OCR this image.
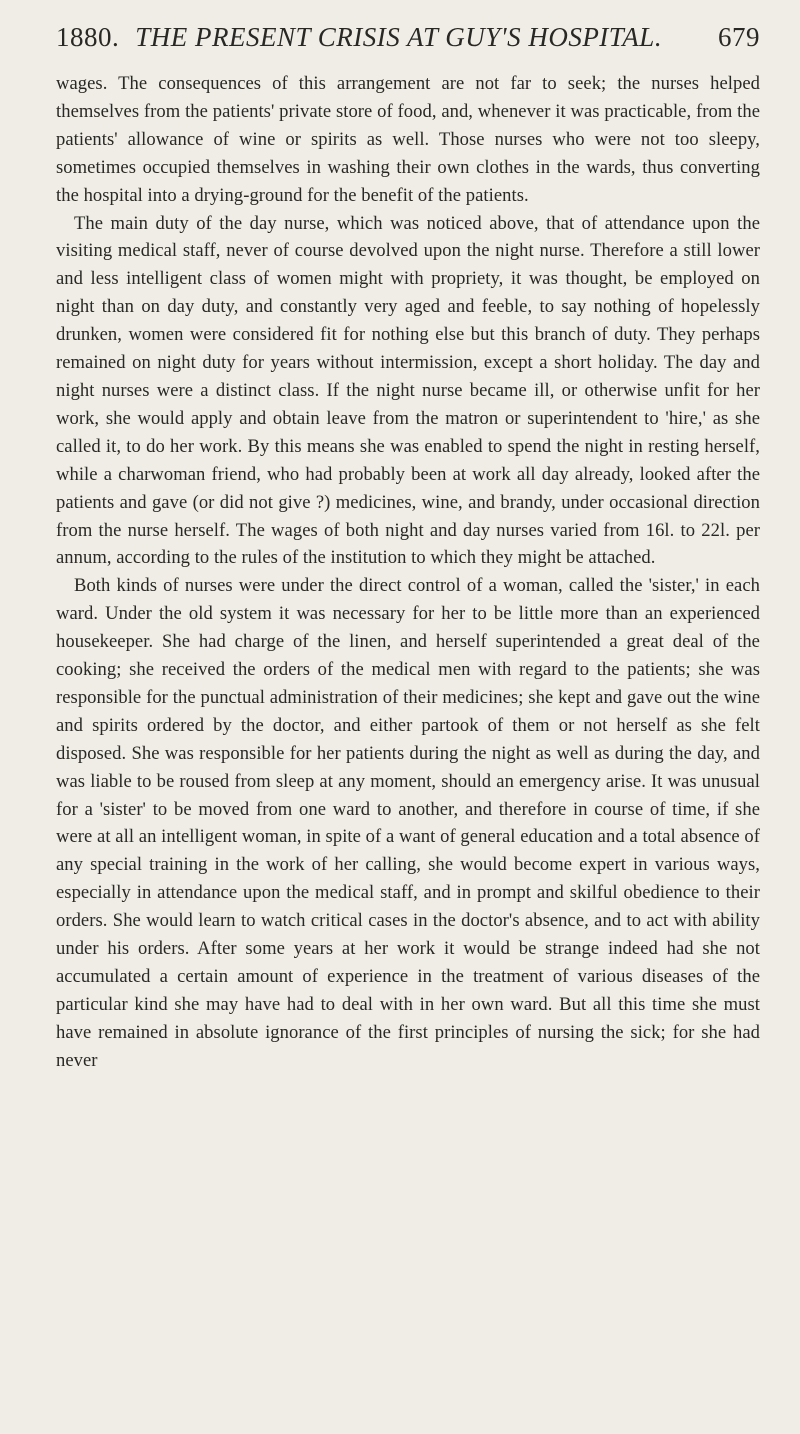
1880. THE PRESENT CRISIS AT GUY'S HOSPITAL.	679

wages. The consequences of this arrangement are not far to seek; the nurses helped themselves from the patients' private store of food, and, whenever it was practicable, from the patients' allowance of wine or spirits as well. Those nurses who were not too sleepy, sometimes occupied themselves in washing their own clothes in the wards, thus converting the hospital into a drying-ground for the benefit of the patients.

The main duty of the day nurse, which was noticed above, that of attendance upon the visiting medical staff, never of course devolved upon the night nurse. Therefore a still lower and less intelligent class of women might with propriety, it was thought, be employed on night than on day duty, and constantly very aged and feeble, to say nothing of hopelessly drunken, women were considered fit for nothing else but this branch of duty. They perhaps remained on night duty for years without intermission, except a short holiday. The day and night nurses were a distinct class. If the night nurse became ill, or otherwise unfit for her work, she would apply and obtain leave from the matron or superintendent to 'hire,' as she called it, to do her work. By this means she was enabled to spend the night in resting herself, while a charwoman friend, who had probably been at work all day already, looked after the patients and gave (or did not give ?) medicines, wine, and brandy, under occasional direction from the nurse herself. The wages of both night and day nurses varied from 16l. to 22l. per annum, according to the rules of the institution to which they might be attached.

Both kinds of nurses were under the direct control of a woman, called the 'sister,' in each ward. Under the old system it was necessary for her to be little more than an experienced housekeeper. She had charge of the linen, and herself superintended a great deal of the cooking; she received the orders of the medical men with regard to the patients; she was responsible for the punctual administration of their medicines; she kept and gave out the wine and spirits ordered by the doctor, and either partook of them or not herself as she felt disposed. She was responsible for her patients during the night as well as during the day, and was liable to be roused from sleep at any moment, should an emergency arise. It was unusual for a 'sister' to be moved from one ward to another, and therefore in course of time, if she were at all an intelligent woman, in spite of a want of general education and a total absence of any special training in the work of her calling, she would become expert in various ways, especially in attendance upon the medical staff, and in prompt and skilful obedience to their orders. She would learn to watch critical cases in the doctor's absence, and to act with ability under his orders. After some years at her work it would be strange indeed had she not accumulated a certain amount of experience in the treatment of various diseases of the particular kind she may have had to deal with in her own ward. But all this time she must have remained in absolute ignorance of the first principles of nursing the sick; for she had never
